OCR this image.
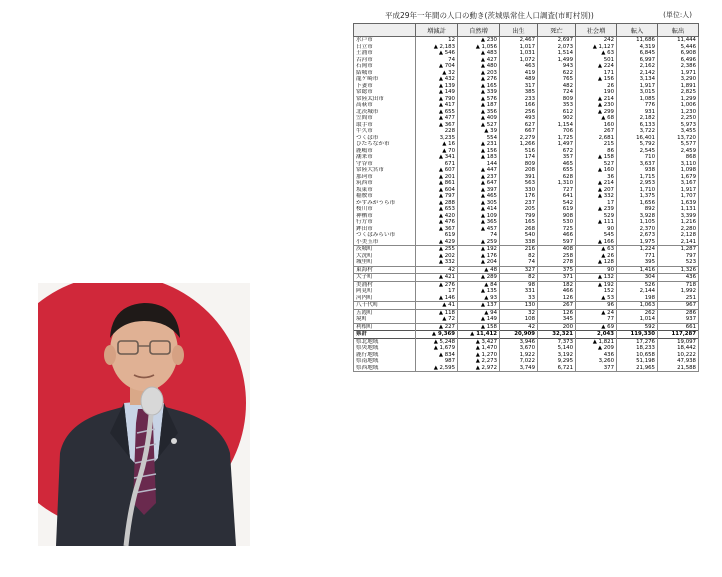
平成29年一年間の人口の動き(茨城県常住人口調査(市町村別))	(単位:人)
	増減計	自然増	出生	死亡	社会増	転入	転出
水戸市	12	▲ 230	2,467	2,697	242	11,686	11,444
日立市	▲ 2,183	▲ 1,056	1,017	2,073	▲ 1,127	4,319	5,446
土浦市	▲ 546	▲ 483	1,031	1,514	▲ 63	6,845	6,908
古河市	74	▲ 427	1,072	1,499	501	6,997	6,496
石岡市	▲ 704	▲ 480	463	943	▲ 224	2,162	2,386
結城市	▲ 32	▲ 203	419	622	171	2,142	1,971
龍ケ崎市	▲ 432	▲ 276	489	765	▲ 156	3,134	3,290
下妻市	▲ 139	▲ 165	317	482	26	1,917	1,891
常総市	▲ 149	▲ 339	385	724	190	3,015	2,825
常陸太田市	▲ 790	▲ 576	233	809	▲ 214	1,085	1,299
高萩市	▲ 417	▲ 187	166	353	▲ 230	776	1,006
北茨城市	▲ 655	▲ 356	256	612	▲ 299	931	1,230
笠間市	▲ 477	▲ 409	493	902	▲ 68	2,182	2,250
取手市	▲ 367	▲ 527	627	1,154	160	6,133	5,973
牛久市	228	▲ 39	667	706	267	3,722	3,455
つくば市	3,235	554	2,279	1,725	2,681	16,401	13,720
ひたちなか市	▲ 16	▲ 231	1,266	1,497	215	5,792	5,577
鹿嶋市	▲ 70	▲ 156	516	672	86	2,545	2,459
潮来市	▲ 341	▲ 183	174	357	▲ 158	710	868
守谷市	671	144	809	465	527	3,637	3,110
常陸大宮市	▲ 607	▲ 447	208	655	▲ 160	938	1,098
那珂市	▲ 201	▲ 237	391	628	36	1,715	1,679
筑西市	▲ 861	▲ 647	563	1,310	▲ 214	2,953	3,167
坂東市	▲ 604	▲ 397	330	727	▲ 207	1,710	1,917
稲敷市	▲ 797	▲ 465	176	641	▲ 332	1,375	1,707
かすみがうら市	▲ 288	▲ 305	237	542	17	1,656	1,639
桜川市	▲ 653	▲ 414	205	619	▲ 239	892	1,131
神栖市	▲ 420	▲ 109	799	908	529	3,928	3,399
行方市	▲ 476	▲ 365	165	530	▲ 111	1,105	1,216
鉾田市	▲ 367	▲ 457	268	725	90	2,370	2,280
つくばみらい市	619	74	540	466	545	2,673	2,128
小美玉市	▲ 429	▲ 259	338	597	▲ 166	1,975	2,141
茨城町	▲ 255	▲ 192	216	408	▲ 63	1,224	1,287
大洗町	▲ 202	▲ 176	82	258	▲ 26	771	797
城里町	▲ 332	▲ 204	74	278	▲ 128	395	523
東海村	42	▲ 48	327	375	90	1,416	1,326
大子町	▲ 421	▲ 289	82	371	▲ 132	304	436
美浦村	▲ 276	▲ 84	98	182	▲ 192	526	718
阿見町	17	▲ 135	331	466	152	2,144	1,992
河内町	▲ 146	▲ 93	33	126	▲ 53	198	251
八千代町	▲ 41	▲ 137	130	267	96	1,063	967
五霞町	▲ 118	▲ 94	32	126	▲ 24	262	286
境町	▲ 72	▲ 149	108	345	77	1,014	937
利根町	▲ 227	▲ 158	42	200	▲ 69	592	661
県計	▲ 9,369	▲ 11,412	20,909	32,321	2,043	119,330	117,287
県北地域	▲ 5,248	▲ 3,427	3,946	7,373	▲ 1,821	17,276	19,097
県央地域	▲ 1,679	▲ 1,470	3,670	5,140	▲ 209	18,233	18,442
鹿行地域	▲ 834	▲ 1,270	1,922	3,192	436	10,658	10,222
県南地域	987	▲ 2,273	7,022	9,295	3,260	51,198	47,938
県西地域	▲ 2,595	▲ 2,972	3,749	6,721	377	21,965	21,588
